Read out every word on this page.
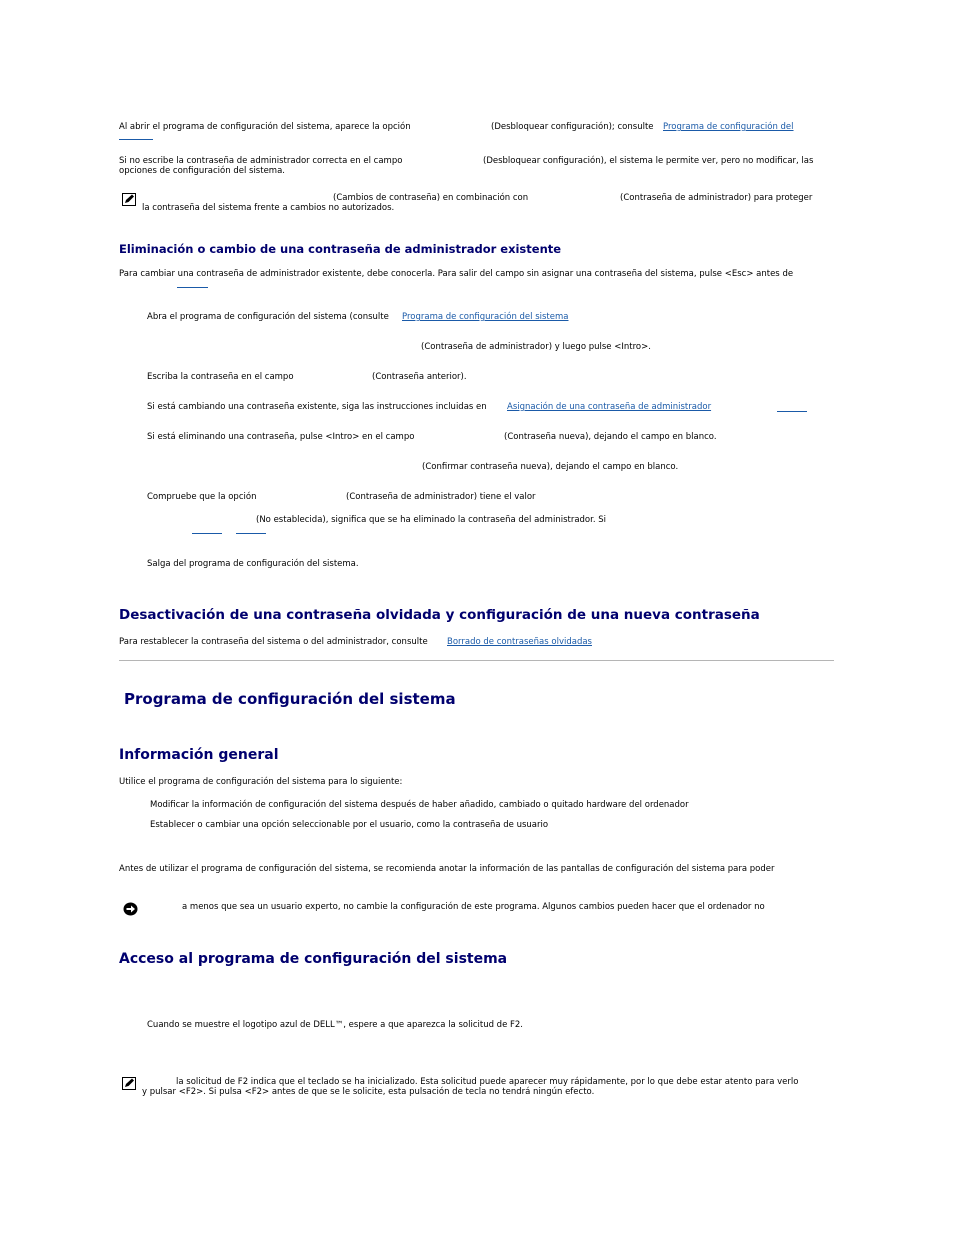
Al abrir el programa de configuración del sistema, aparece la opción	(Desbloquear configuración); consulte Programa de configuración del
Si no escribe la contraseña de administrador correcta en el campo	(Desbloquear configuración), el sistema le permite ver, pero no modificar, las
opciones de configuración del sistema.
(Cambios de contraseña) en combinación con	(Contraseña de administrador) para proteger
la contraseña del sistema frente a cambios no autorizados.
Eliminación o cambio de una contraseña de administrador existente
Para cambiar una contraseña de administrador existente, debe conocerla. Para salir del campo sin asignar una contraseña del sistema, pulse <Esc> antes de
Abra el programa de configuración del sistema (consulte Programa de configuración del sistema
(Contraseña de administrador) y luego pulse <Intro>.
Escriba la contraseña en el campo	(Contraseña anterior).
Si está cambiando una contraseña existente, siga las instrucciones incluidas en Asignación de una contraseña de administrador
Si está eliminando una contraseña, pulse <Intro> en el campo	(Contraseña nueva), dejando el campo en blanco.
(Confirmar contraseña nueva), dejando el campo en blanco.
Compruebe que la opción	(Contraseña de administrador) tiene el valor
(No establecida), significa que se ha eliminado la contraseña del administrador. Si
Salga del programa de configuración del sistema.
Desactivación de una contraseña olvidada y configuración de una nueva contraseña
Para restablecer la contraseña del sistema o del administrador, consulte Borrado de contraseñas olvidadas
Programa de configuración del sistema
Información general
Utilice el programa de configuración del sistema para lo siguiente:
Modificar la información de configuración del sistema después de haber añadido, cambiado o quitado hardware del ordenador
Establecer o cambiar una opción seleccionable por el usuario, como la contraseña de usuario
Antes de utilizar el programa de configuración del sistema, se recomienda anotar la información de las pantallas de configuración del sistema para poder
a menos que sea un usuario experto, no cambie la configuración de este programa. Algunos cambios pueden hacer que el ordenador no
Acceso al programa de configuración del sistema
Cuando se muestre el logotipo azul de DELL™, espere a que aparezca la solicitud de F2.
la solicitud de F2 indica que el teclado se ha inicializado. Esta solicitud puede aparecer muy rápidamente, por lo que debe estar atento para verlo
y pulsar <F2>. Si pulsa <F2> antes de que se le solicite, esta pulsación de tecla no tendrá ningún efecto.
